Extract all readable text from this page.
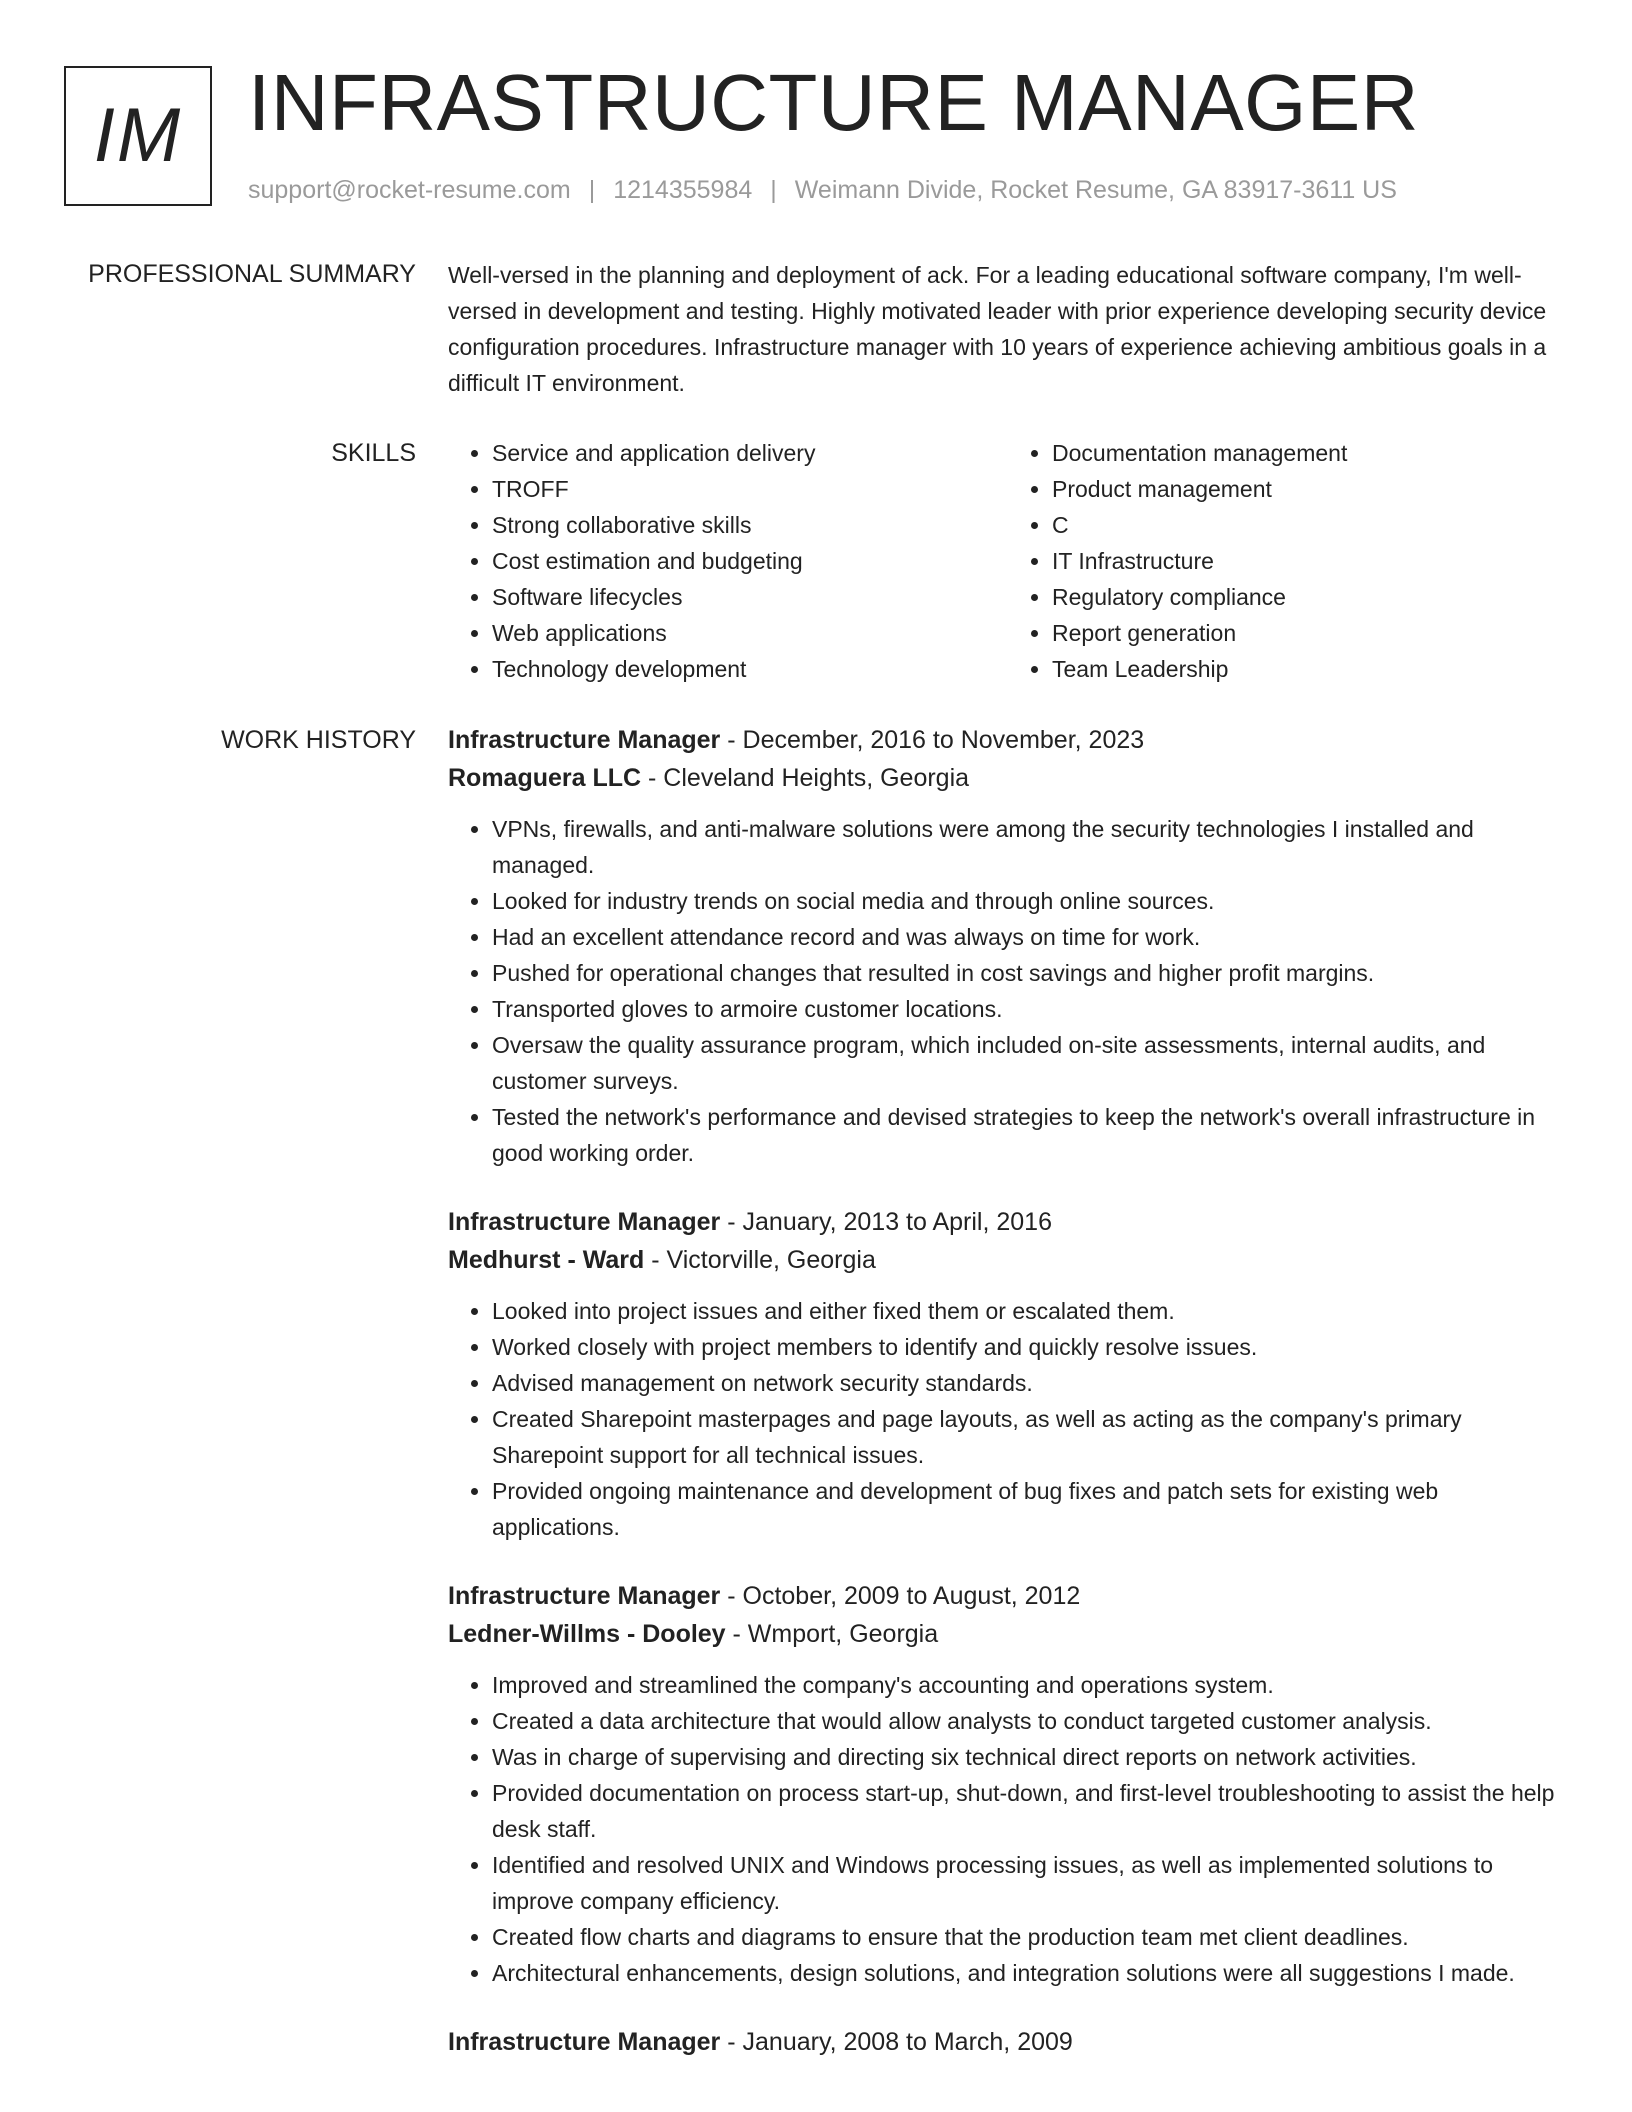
IM INFRASTRUCTURE MANAGER
support@rocket-resume.com | 1214355984 | Weimann Divide, Rocket Resume, GA 83917-3611 US
PROFESSIONAL SUMMARY Well-versed in the planning and deployment of ack. For a leading educational software company, I'm well-versed in development and testing. Highly motivated leader with prior experience developing security device configuration procedures. Infrastructure manager with 10 years of experience achieving ambitious goals in a difficult IT environment.

SKILLS
•	Service and application delivery
• TROFF
• Strong collaborative skills
• Cost estimation and budgeting
• Software lifecycles
• Web applications
• Technology development
• Documentation management
• Product management
• C
• IT Infrastructure
• Regulatory compliance
• Report generation
• Team Leadership
WORK HISTORY Infrastructure Manager - December, 2016 to November, 2023
Romaguera LLC - Cleveland Heights, Georgia
• VPNs, firewalls, and anti-malware solutions were among the security technologies I installed and managed.
• Looked for industry trends on social media and through online sources.
• Had an excellent attendance record and was always on time for work.
• Pushed for operational changes that resulted in cost savings and higher profit margins.
• Transported gloves to armoire customer locations.
• Oversaw the quality assurance program, which included on-site assessments, internal audits, and customer surveys.
• Tested the network's performance and devised strategies to keep the network's overall infrastructure in good working order.
Infrastructure Manager - January, 2013 to April, 2016
Medhurst - Ward - Victorville, Georgia
• Looked into project issues and either fixed them or escalated them.
• Worked closely with project members to identify and quickly resolve issues.
• Advised management on network security standards.
• Created Sharepoint masterpages and page layouts, as well as acting as the company's primary Sharepoint support for all technical issues.
• Provided ongoing maintenance and development of bug fixes and patch sets for existing web applications.
Infrastructure Manager - October, 2009 to August, 2012
Ledner-Willms - Dooley - Wmport, Georgia
• Improved and streamlined the company's accounting and operations system.
• Created a data architecture that would allow analysts to conduct targeted customer analysis.
• Was in charge of supervising and directing six technical direct reports on network activities.
• Provided documentation on process start-up, shut-down, and first-level troubleshooting to assist the help desk staff.
• Identified and resolved UNIX and Windows processing issues, as well as implemented solutions to improve company efficiency.
• Created flow charts and diagrams to ensure that the production team met client deadlines.
• Architectural enhancements, design solutions, and integration solutions were all suggestions I made.
Infrastructure Manager - January, 2008 to March, 2009
